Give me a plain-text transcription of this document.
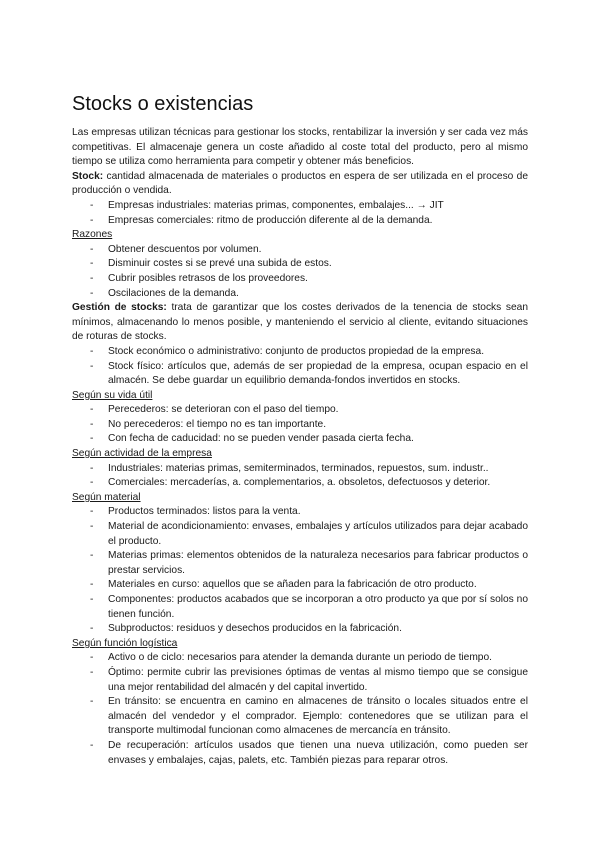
Stocks o existencias

Las empresas utilizan técnicas para gestionar los stocks, rentabilizar la inversión y ser cada vez más competitivas. El almacenaje genera un coste añadido al coste total del producto, pero al mismo tiempo se utiliza como herramienta para competir y obtener más beneficios.

Stock: cantidad almacenada de materiales o productos en espera de ser utilizada en el proceso de producción o vendida.

- Empresas industriales: materias primas, componentes, embalajes... → JIT
- Empresas comerciales: ritmo de producción diferente al de la demanda.
Razones
- Obtener descuentos por volumen.
- Disminuir costes si se prevé una subida de estos.
- Cubrir posibles retrasos de los proveedores.
- Oscilaciones de la demanda.

Gestión de stocks: trata de garantizar que los costes derivados de la tenencia de stocks sean mínimos, almacenando lo menos posible, y manteniendo el servicio al cliente, evitando situaciones de roturas de stocks.

- Stock económico o administrativo: conjunto de productos propiedad de la empresa.
- Stock físico: artículos que, además de ser propiedad de la empresa, ocupan espacio en el almacén. Se debe guardar un equilibrio demanda-fondos invertidos en stocks.
Según su vida útil
- Perecederos: se deterioran con el paso del tiempo.
- No perecederos: el tiempo no es tan importante.
- Con fecha de caducidad: no se pueden vender pasada cierta fecha.
Según actividad de la empresa
- Industriales: materias primas, semiterminados, terminados, repuestos, sum. industr..
- Comerciales: mercaderías, a. complementarios, a. obsoletos, defectuosos y deterior.
Según material
- Productos terminados: listos para la venta.
- Material de acondicionamiento: envases, embalajes y artículos utilizados para dejar acabado el producto.
- Materias primas: elementos obtenidos de la naturaleza necesarios para fabricar productos o prestar servicios.
- Materiales en curso: aquellos que se añaden para la fabricación de otro producto.
- Componentes: productos acabados que se incorporan a otro producto ya que por sí solos no tienen función.
- Subproductos: residuos y desechos producidos en la fabricación.
Según función logística
- Activo o de ciclo: necesarios para atender la demanda durante un periodo de tiempo.
- Óptimo: permite cubrir las previsiones óptimas de ventas al mismo tiempo que se consigue una mejor rentabilidad del almacén y del capital invertido.
- En tránsito: se encuentra en camino en almacenes de tránsito o locales situados entre el almacén del vendedor y el comprador. Ejemplo: contenedores que se utilizan para el transporte multimodal funcionan como almacenes de mercancía en tránsito.
- De recuperación: artículos usados que tienen una nueva utilización, como pueden ser envases y embalajes, cajas, palets, etc. También piezas para reparar otros.
